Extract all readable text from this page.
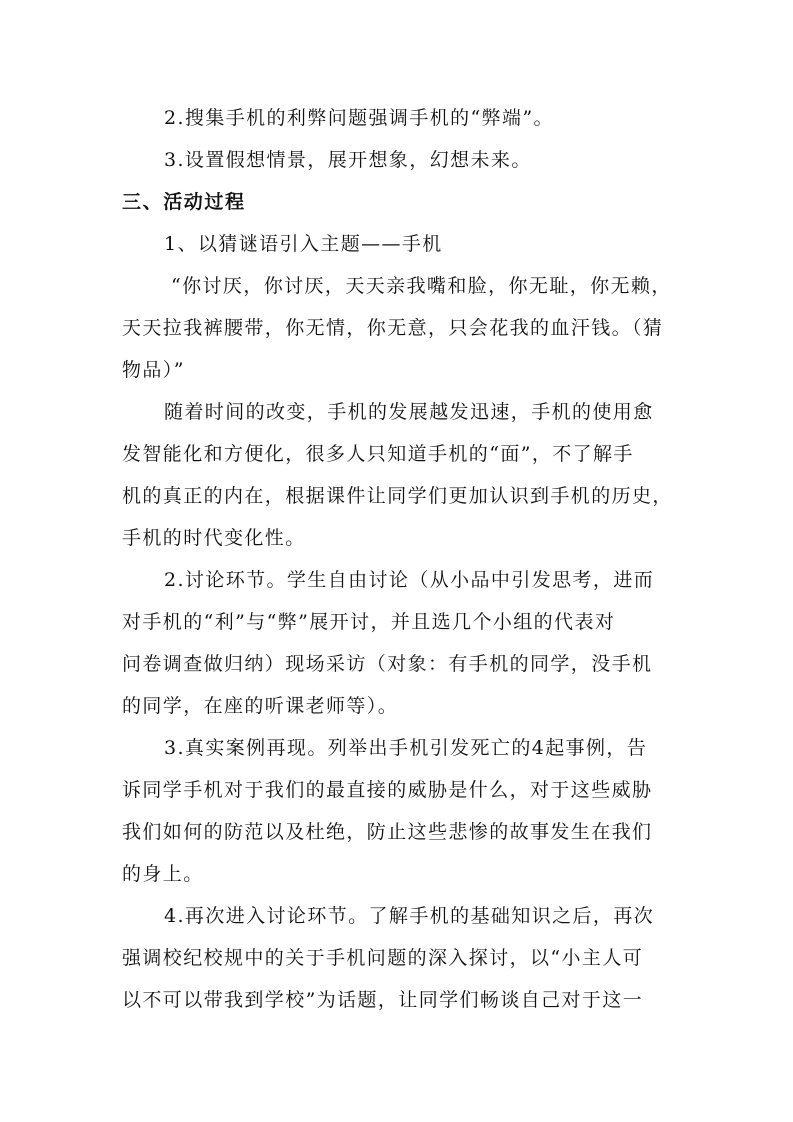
2.搜集手机的利弊问题强调手机的“弊端”。
3.设置假想情景，展开想象，幻想未来。
三、活动过程
1、以猜谜语引入主题——手机
“你讨厌，你讨厌，天天亲我嘴和脸，你无耻，你无赖，
天天拉我裤腰带，你无情，你无意，只会花我的血汗钱。（猜
物品）”
随着时间的改变，手机的发展越发迅速，手机的使用愈
发智能化和方便化，很多人只知道手机的“面”，不了解手
机的真正的内在，根据课件让同学们更加认识到手机的历史，
手机的时代变化性。
2.讨论环节。学生自由讨论（从小品中引发思考，进而
对手机的“利”与“弊”展开讨，并且选几个小组的代表对
问卷调查做归纳）现场采访（对象：有手机的同学，没手机
的同学，在座的听课老师等）。
3.真实案例再现。列举出手机引发死亡的4起事例，告
诉同学手机对于我们的最直接的威胁是什么，对于这些威胁
我们如何的防范以及杜绝，防止这些悲惨的故事发生在我们
的身上。
4.再次进入讨论环节。了解手机的基础知识之后，再次
强调校纪校规中的关于手机问题的深入探讨，以“小主人可
以不可以带我到学校”为话题，让同学们畅谈自己对于这一
